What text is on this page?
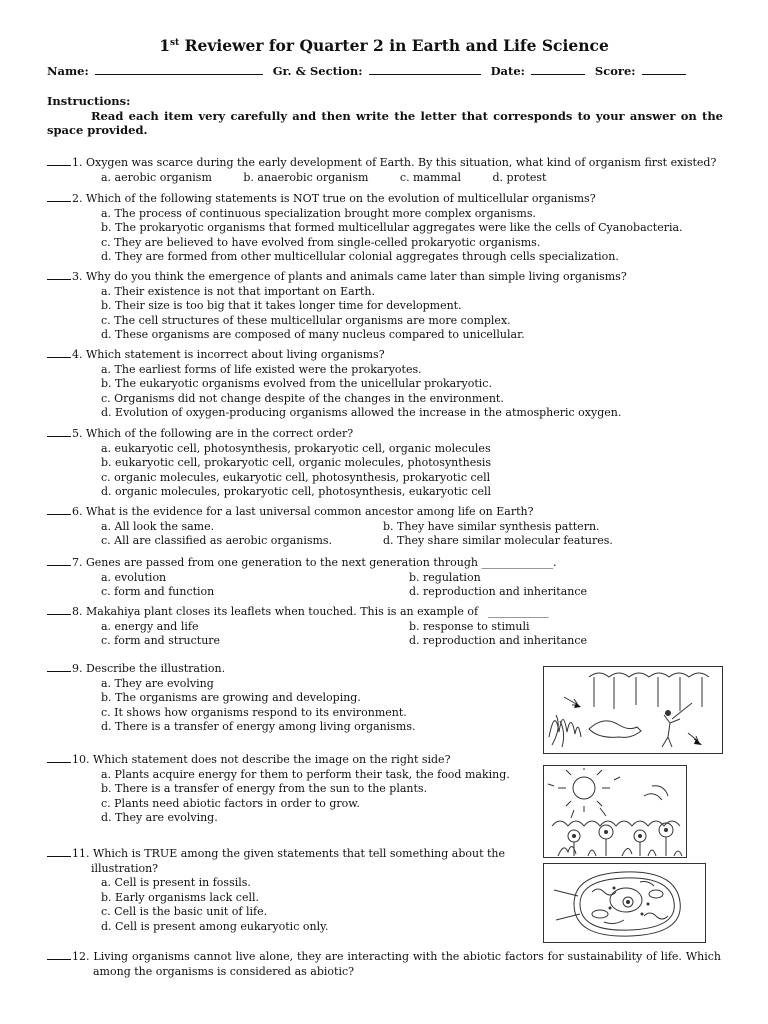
1st Reviewer for Quarter 2 in Earth and Life Science
Name:	Gr. & Section:	Date:	Score:
Instructions:
Read each item very carefully and then write the letter that corresponds to your answer on the space provided.
1. Oxygen was scarce during the early development of Earth. By this situation, what kind of organism first existed?
a. aerobic organism	b. anaerobic organism	c. mammal	d. protest
2. Which of the following statements is NOT true on the evolution of multicellular organisms?
a. The process of continuous specialization brought more complex organisms.
b. The prokaryotic organisms that formed multicellular aggregates were like the cells of Cyanobacteria.
c. They are believed to have evolved from single-celled prokaryotic organisms.
d. They are formed from other multicellular colonial aggregates through cells specialization.
3. Why do you think the emergence of plants and animals came later than simple living organisms?
a. Their existence is not that important on Earth.
b. Their size is too big that it takes longer time for development.
c. The cell structures of these multicellular organisms are more complex.
d. These organisms are composed of many nucleus compared to unicellular.
4. Which statement is incorrect about living organisms?
a. The earliest forms of life existed were the prokaryotes.
b. The eukaryotic organisms evolved from the unicellular prokaryotic.
c. Organisms did not change despite of the changes in the environment.
d. Evolution of oxygen-producing organisms allowed the increase in the atmospheric oxygen.
5. Which of the following are in the correct order?
a. eukaryotic cell, photosynthesis, prokaryotic cell, organic molecules
b. eukaryotic cell, prokaryotic cell, organic molecules, photosynthesis
c. organic molecules, eukaryotic cell, photosynthesis, prokaryotic cell
d. organic molecules, prokaryotic cell, photosynthesis, eukaryotic cell
6. What is the evidence for a last universal common ancestor among life on Earth?
a. All look the same.	b. They have similar synthesis pattern.
c. All are classified as aerobic organisms.	d. They share similar molecular features.
7. Genes are passed from one generation to the next generation through _____________.
a. evolution	b. regulation
c. form and function	d. reproduction and inheritance
8. Makahiya plant closes its leaflets when touched. This is an example of ___________
a. energy and life	b. response to stimuli
c. form and structure	d. reproduction and inheritance
9. Describe the illustration.
a. They are evolving
b. The organisms are growing and developing.
c. It shows how organisms respond to its environment.
d. There is a transfer of energy among living organisms.
10. Which statement does not describe the image on the right side?
a. Plants acquire energy for them to perform their task, the food making.
b. There is a transfer of energy from the sun to the plants.
c. Plants need abiotic factors in order to grow.
d. They are evolving.
11. Which is TRUE among the given statements that tell something about the
illustration?
a. Cell is present in fossils.
b. Early organisms lack cell.
c. Cell is the basic unit of life.
d. Cell is present among eukaryotic only.
12. Living organisms cannot live alone, they are interacting with the abiotic factors for sustainability of life. Which among the organisms is considered as abiotic?
